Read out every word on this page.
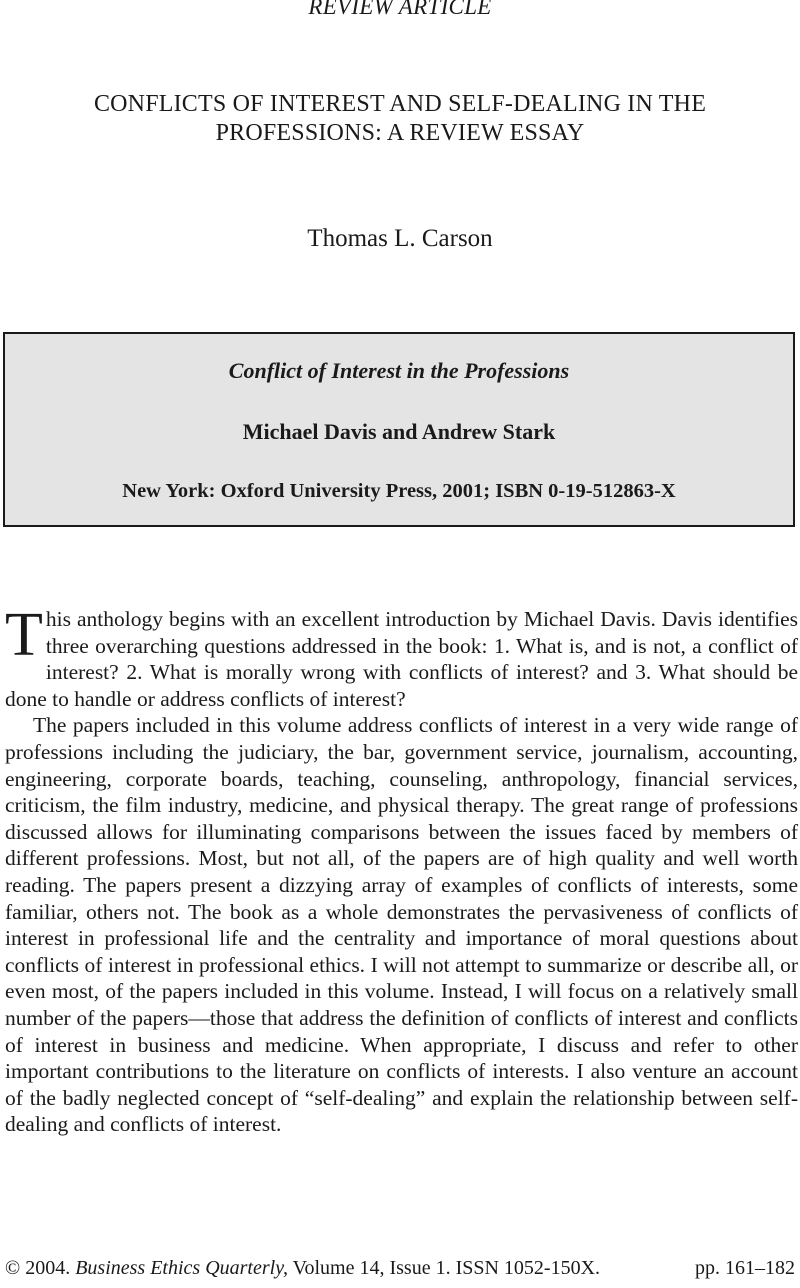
REVIEW ARTICLE
CONFLICTS OF INTEREST AND SELF-DEALING IN THE PROFESSIONS: A REVIEW ESSAY
Thomas L. Carson
Conflict of Interest in the Professions
Michael Davis and Andrew Stark
New York: Oxford University Press, 2001; ISBN 0-19-512863-X

This anthology begins with an excellent introduction by Michael Davis. Davis identifies three overarching questions addressed in the book: 1. What is, and is not, a conflict of interest? 2. What is morally wrong with conflicts of interest? and 3. What should be done to handle or address conflicts of interest?

The papers included in this volume address conflicts of interest in a very wide range of professions including the judiciary, the bar, government service, journalism, accounting, engineering, corporate boards, teaching, counseling, anthropology, financial services, criticism, the film industry, medicine, and physical therapy. The great range of professions discussed allows for illuminating comparisons between the issues faced by members of different professions. Most, but not all, of the papers are of high quality and well worth reading. The papers present a dizzying array of examples of conflicts of interests, some familiar, others not. The book as a whole demonstrates the pervasiveness of conflicts of interest in professional life and the centrality and importance of moral questions about conflicts of interest in professional ethics. I will not attempt to summarize or describe all, or even most, of the papers included in this volume. Instead, I will focus on a relatively small number of the papers—those that address the definition of conflicts of interest and conflicts of interest in business and medicine. When appropriate, I discuss and refer to other important contributions to the literature on conflicts of interests. I also venture an account of the badly neglected concept of “self-dealing” and explain the relationship between self-dealing and conflicts of interest.

© 2004. Business Ethics Quarterly, Volume 14, Issue 1. ISSN 1052-150X.	pp. 161–182
